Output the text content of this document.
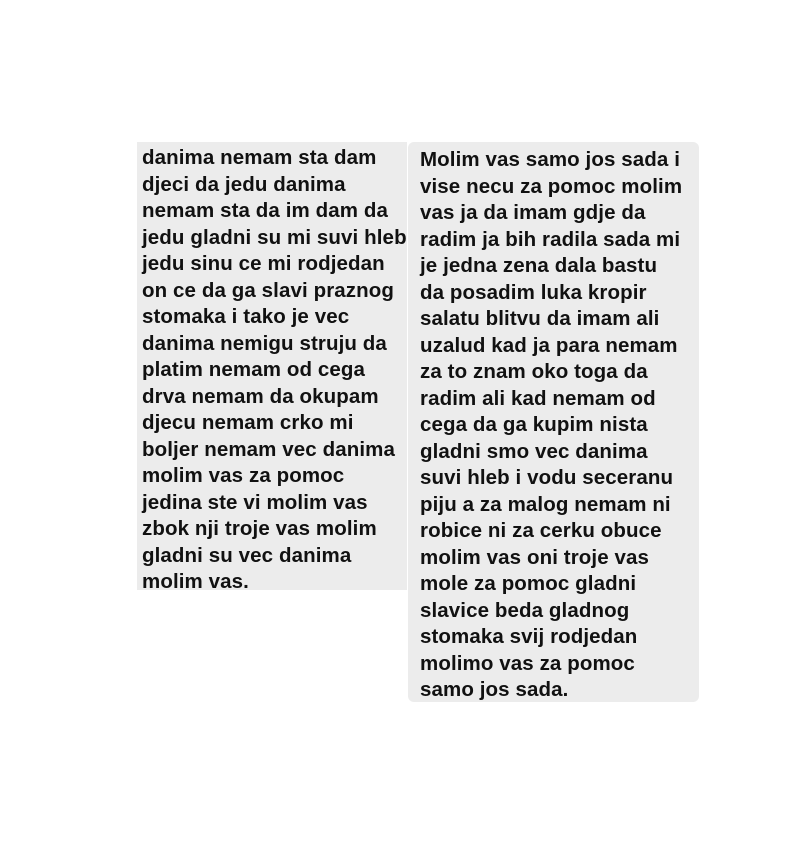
danima nemam sta dam
djeci da jedu danima
nemam sta da im dam da
jedu gladni su mi suvi hleb
jedu sinu ce mi rodjedan
on ce da ga slavi praznog
stomaka i tako je vec
danima nemigu struju da
platim nemam od cega
drva nemam da okupam
djecu nemam crko mi
boljer nemam vec danima
molim vas za pomoc
jedina ste vi molim vas
zbok nji troje vas molim
gladni su vec danima
molim vas.
Molim vas samo jos sada i
vise necu za pomoc molim
vas ja da imam gdje da
radim ja bih radila sada mi
je jedna zena dala bastu
da posadim luka kropir
salatu blitvu da imam ali
uzalud kad ja para nemam
za to znam oko toga da
radim ali kad nemam od
cega da ga kupim nista
gladni smo vec danima
suvi hleb i vodu seceranu
piju a za malog nemam ni
robice ni za cerku obuce
molim vas oni troje vas
mole za pomoc gladni
slavice beda gladnog
stomaka svij rodjedan
molimo vas za pomoc
samo jos sada.
